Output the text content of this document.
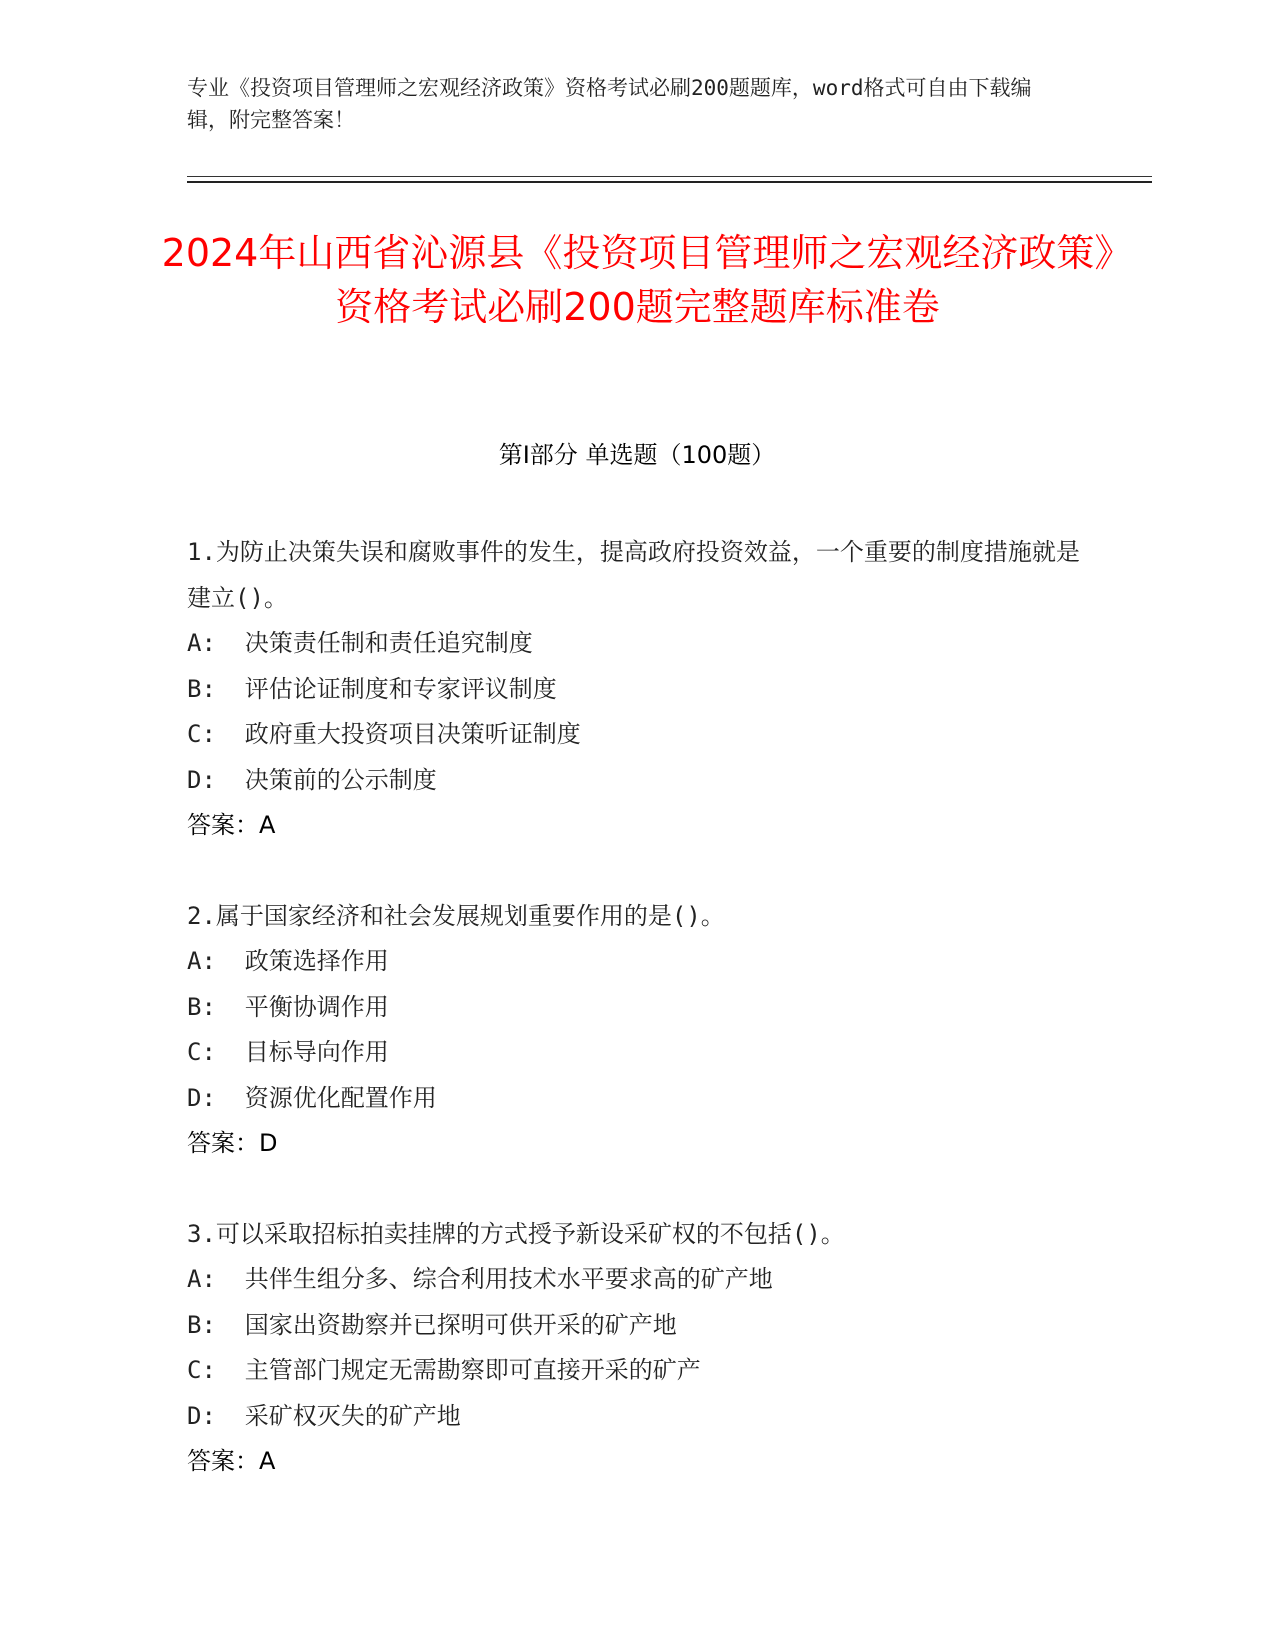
专业《投资项目管理师之宏观经济政策》资格考试必刷200题题库，word格式可自由下载编辑，附完整答案！
2024年山西省沁源县《投资项目管理师之宏观经济政策》资格考试必刷200题完整题库标准卷
第I部分 单选题（100题）

1.为防止决策失误和腐败事件的发生，提高政府投资效益，一个重要的制度措施就是建立()。

A:  决策责任制和责任追究制度

B:  评估论证制度和专家评议制度

C:  政府重大投资项目决策听证制度

D:  决策前的公示制度

答案：A

2.属于国家经济和社会发展规划重要作用的是()。

A:  政策选择作用

B:  平衡协调作用

C:  目标导向作用

D:  资源优化配置作用

答案：D

3.可以采取招标拍卖挂牌的方式授予新设采矿权的不包括()。

A:  共伴生组分多、综合利用技术水平要求高的矿产地

B:  国家出资勘察并已探明可供开采的矿产地

C:  主管部门规定无需勘察即可直接开采的矿产

D:  采矿权灭失的矿产地

答案：A
